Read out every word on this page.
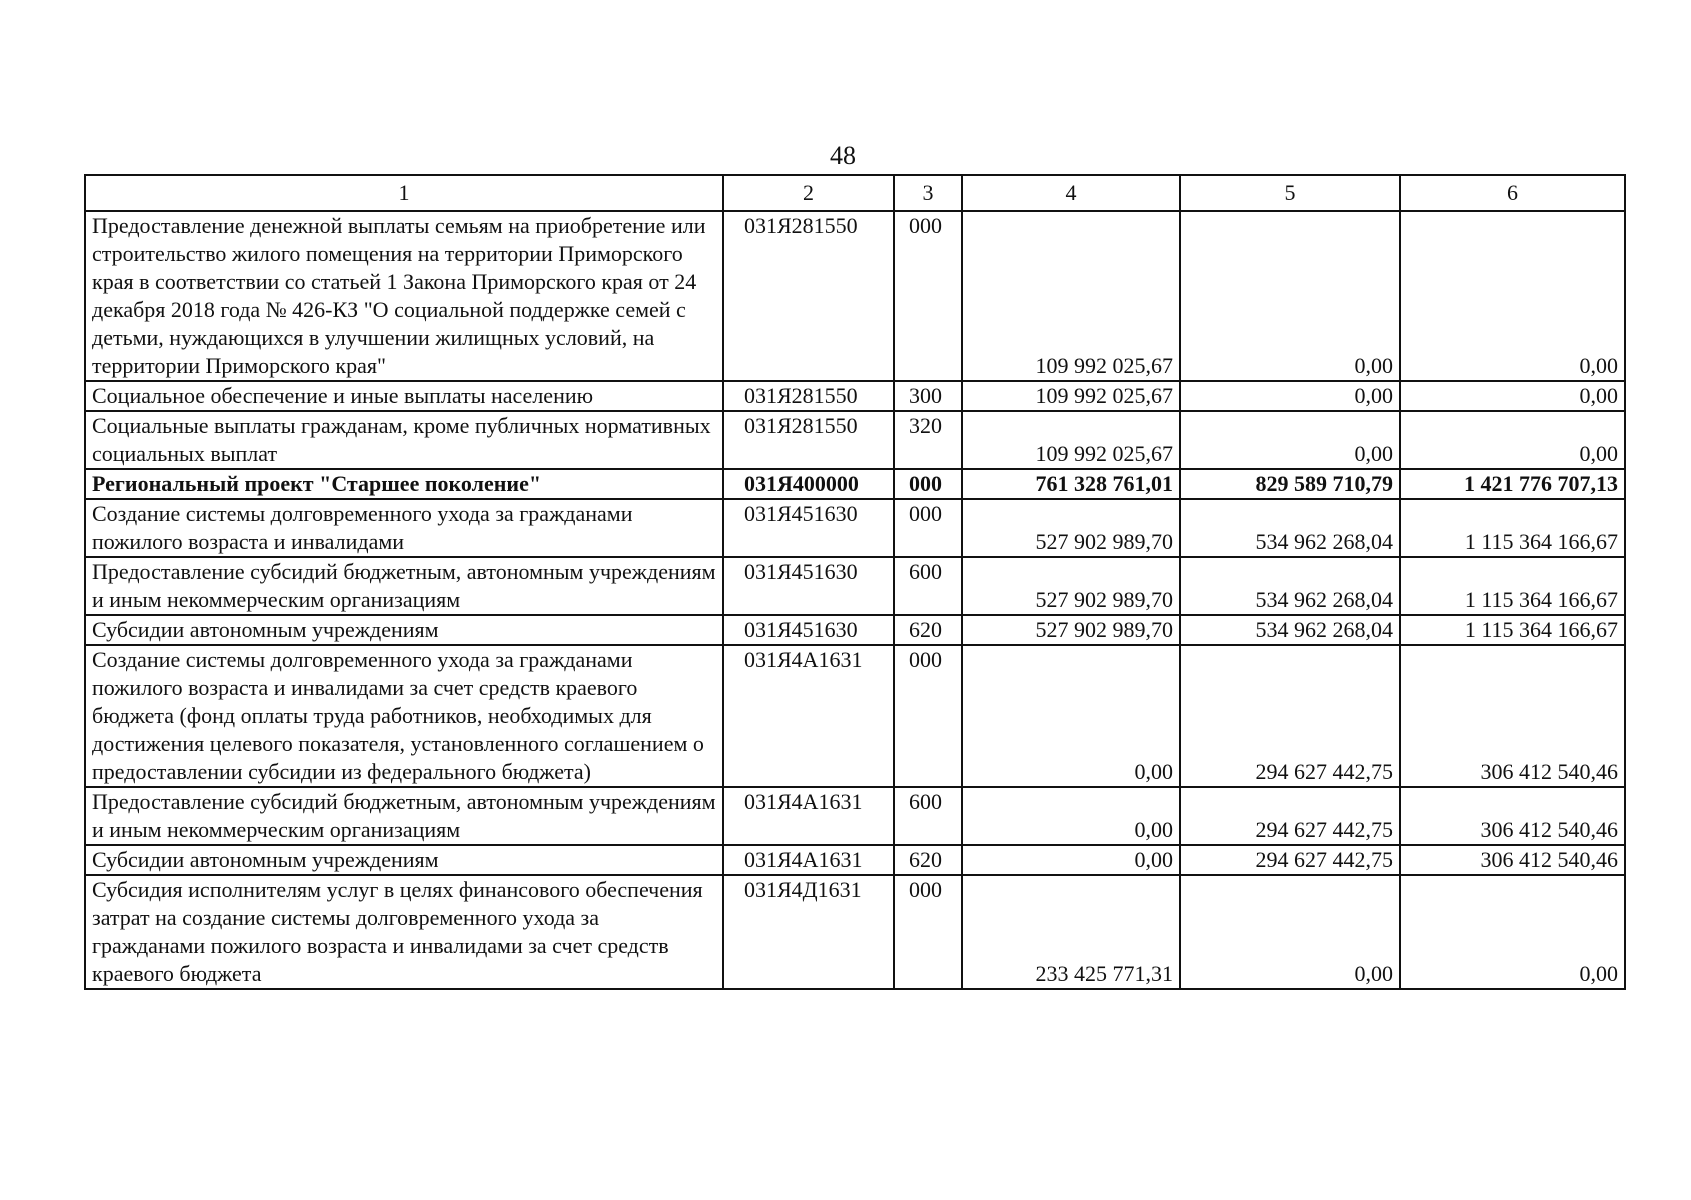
48
1	2	3	4	5	6
Предоставление денежной выплаты семьям на приобретение или строительство жилого помещения на территории Приморского края в соответствии со статьей 1 Закона Приморского края от 24 декабря 2018 года № 426-КЗ "О социальной поддержке семей с детьми, нуждающихся в улучшении жилищных условий, на территории Приморского края"	031Я281550	000	109 992 025,67	0,00	0,00
Социальное обеспечение и иные выплаты населению	031Я281550	300	109 992 025,67	0,00	0,00
Социальные выплаты гражданам, кроме публичных нормативных социальных выплат	031Я281550	320	109 992 025,67	0,00	0,00
Региональный проект "Старшее поколение"	031Я400000	000	761 328 761,01	829 589 710,79	1 421 776 707,13
Создание системы долговременного ухода за гражданами пожилого возраста и инвалидами	031Я451630	000	527 902 989,70	534 962 268,04	1 115 364 166,67
Предоставление субсидий бюджетным, автономным учреждениям и иным некоммерческим организациям	031Я451630	600	527 902 989,70	534 962 268,04	1 115 364 166,67
Субсидии автономным учреждениям	031Я451630	620	527 902 989,70	534 962 268,04	1 115 364 166,67
Создание системы долговременного ухода за гражданами пожилого возраста и инвалидами за счет средств краевого бюджета (фонд оплаты труда работников, необходимых для достижения целевого показателя, установленного соглашением о предоставлении субсидии из федерального бюджета)	031Я4А1631	000	0,00	294 627 442,75	306 412 540,46
Предоставление субсидий бюджетным, автономным учреждениям и иным некоммерческим организациям	031Я4А1631	600	0,00	294 627 442,75	306 412 540,46
Субсидии автономным учреждениям	031Я4А1631	620	0,00	294 627 442,75	306 412 540,46
Субсидия исполнителям услуг в целях финансового обеспечения затрат на создание системы долговременного ухода за гражданами пожилого возраста и инвалидами за счет средств краевого бюджета	031Я4Д1631	000	233 425 771,31	0,00	0,00
